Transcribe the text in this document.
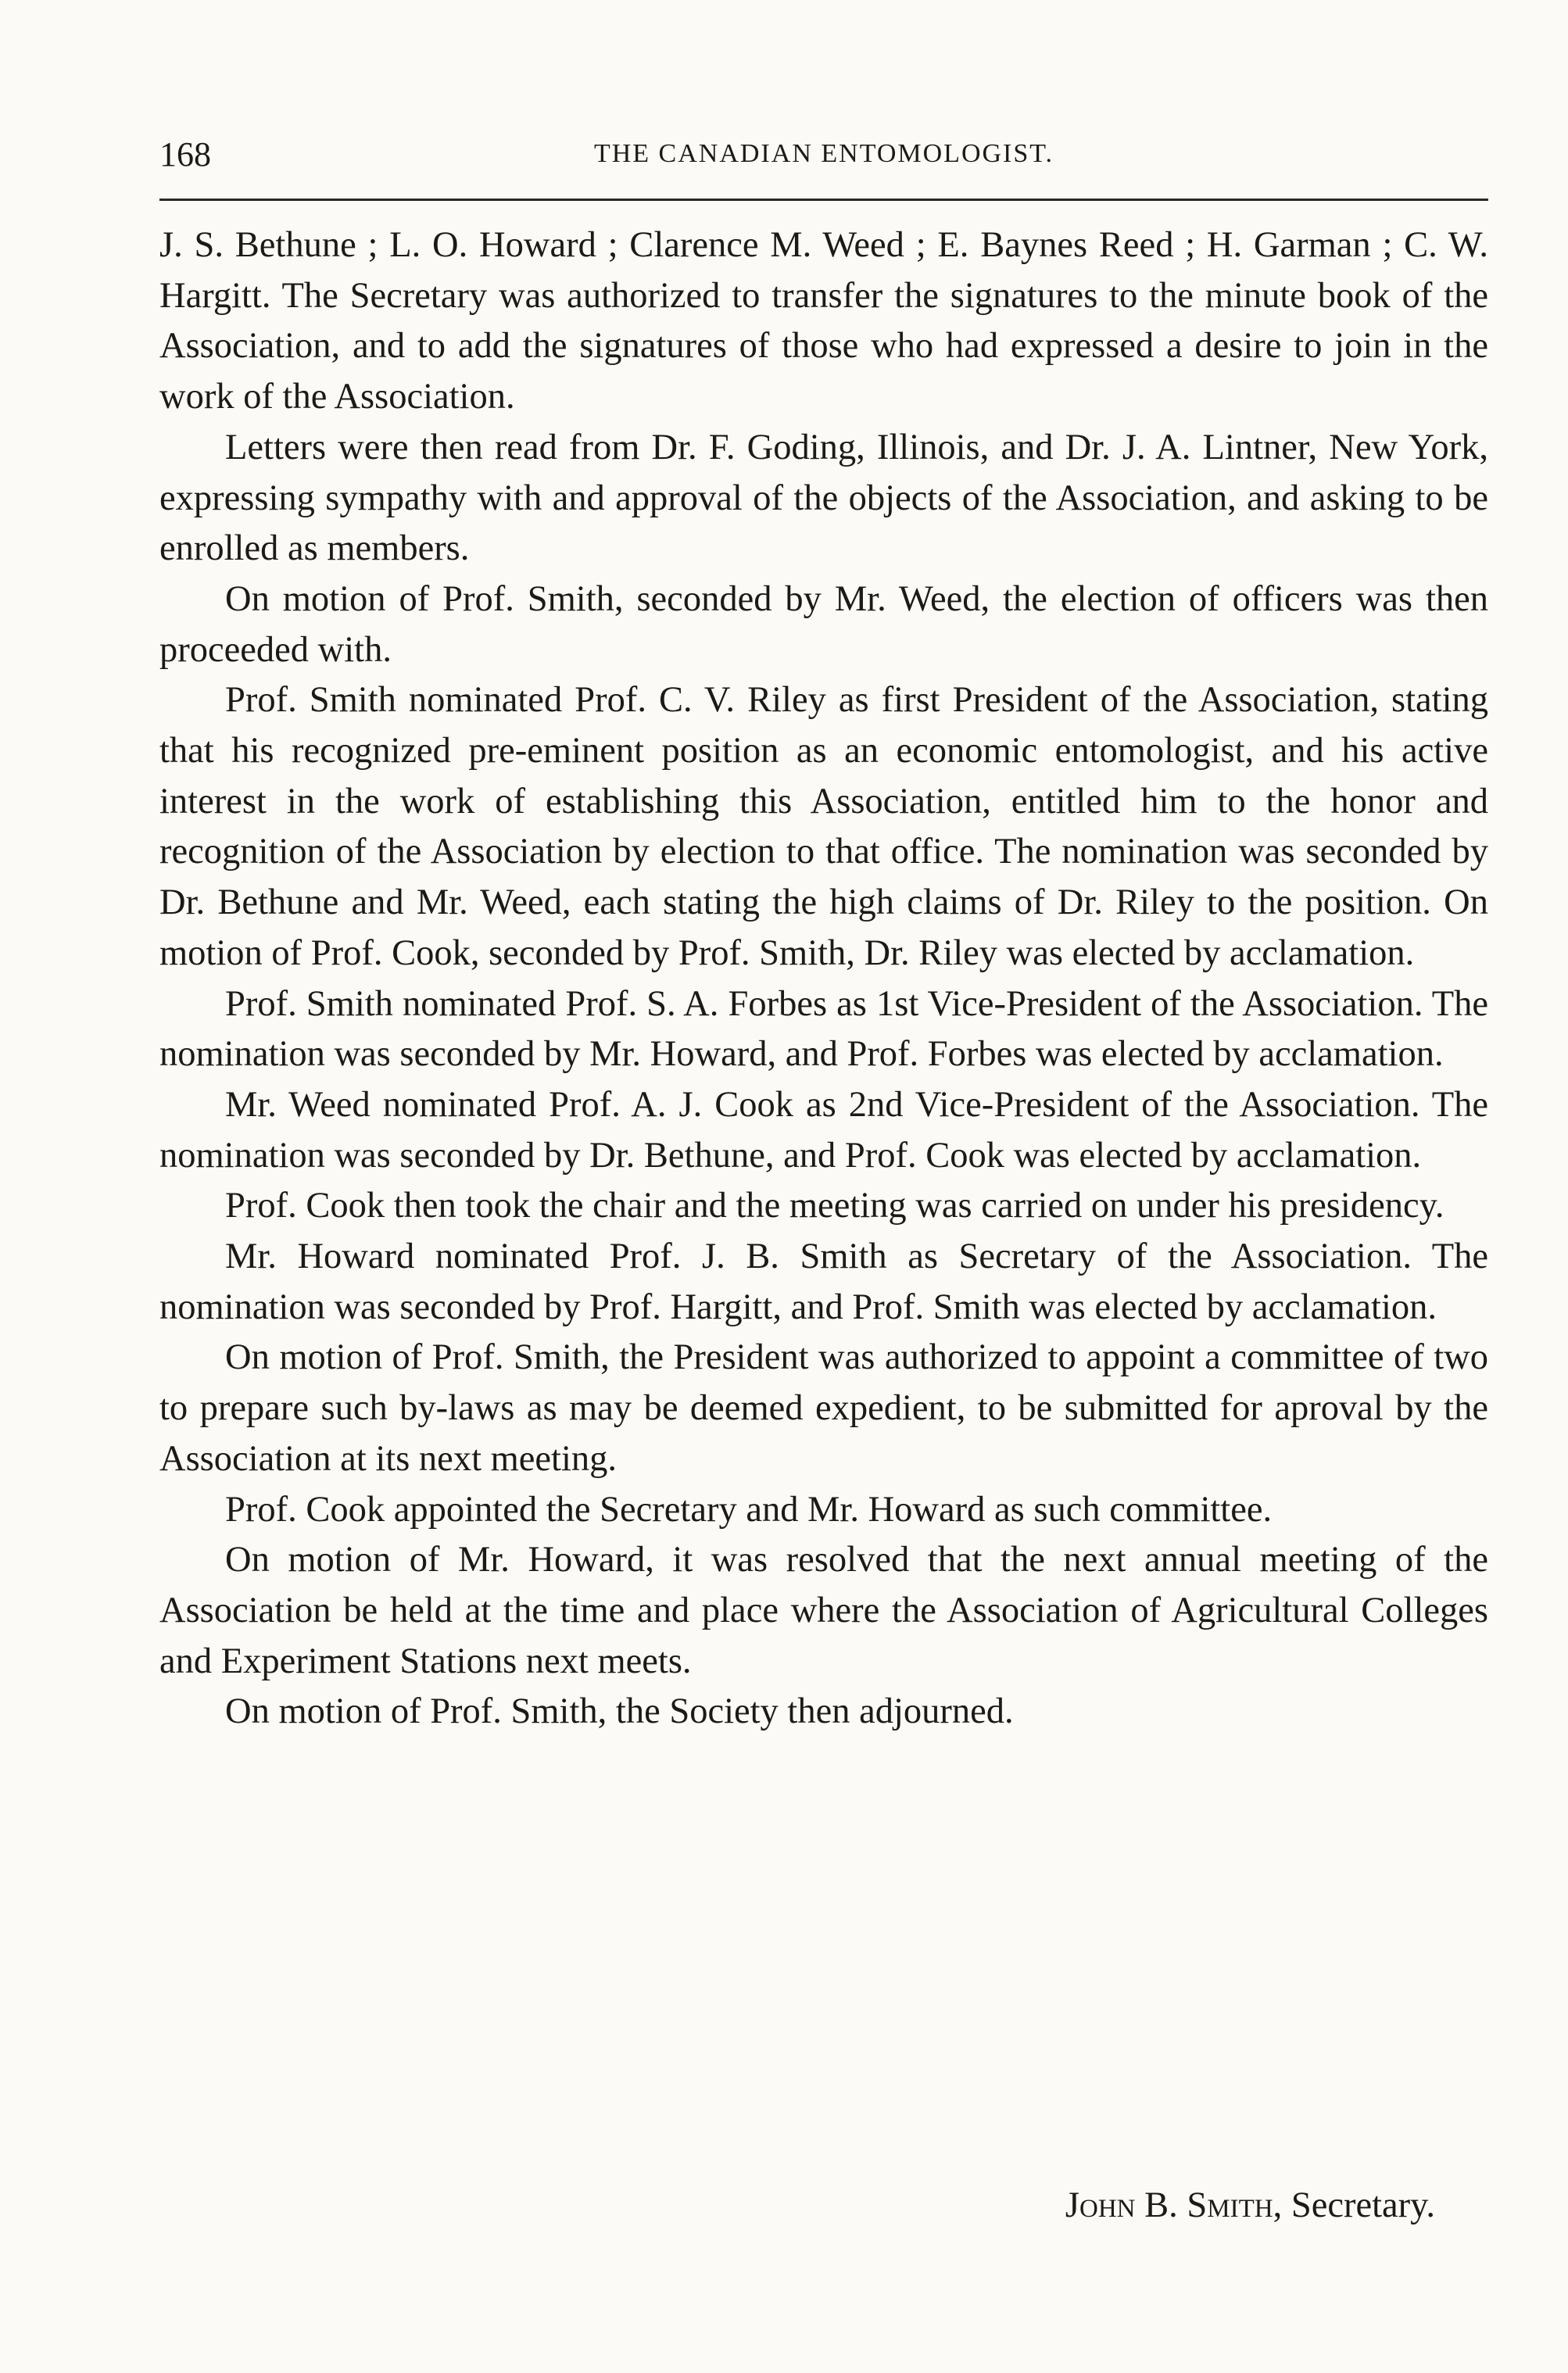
168	THE CANADIAN ENTOMOLOGIST.

J. S. Bethune ; L. O. Howard ; Clarence M. Weed ; E. Baynes Reed ; H. Garman ; C. W. Hargitt. The Secretary was authorized to transfer the signatures to the minute book of the Association, and to add the signatures of those who had expressed a desire to join in the work of the Association.

Letters were then read from Dr. F. Goding, Illinois, and Dr. J. A. Lintner, New York, expressing sympathy with and approval of the objects of the Association, and asking to be enrolled as members.

On motion of Prof. Smith, seconded by Mr. Weed, the election of officers was then proceeded with.

Prof. Smith nominated Prof. C. V. Riley as first President of the Association, stating that his recognized pre-eminent position as an economic entomologist, and his active interest in the work of establishing this Association, entitled him to the honor and recognition of the Association by election to that office. The nomination was seconded by Dr. Bethune and Mr. Weed, each stating the high claims of Dr. Riley to the position. On motion of Prof. Cook, seconded by Prof. Smith, Dr. Riley was elected by acclamation.

Prof. Smith nominated Prof. S. A. Forbes as 1st Vice-President of the Association. The nomination was seconded by Mr. Howard, and Prof. Forbes was elected by acclamation.

Mr. Weed nominated Prof. A. J. Cook as 2nd Vice-President of the Association. The nomination was seconded by Dr. Bethune, and Prof. Cook was elected by acclamation.

Prof. Cook then took the chair and the meeting was carried on under his presidency.

Mr. Howard nominated Prof. J. B. Smith as Secretary of the Association. The nomination was seconded by Prof. Hargitt, and Prof. Smith was elected by acclamation.

On motion of Prof. Smith, the President was authorized to appoint a committee of two to prepare such by-laws as may be deemed expedient, to be submitted for aproval by the Association at its next meeting.

Prof. Cook appointed the Secretary and Mr. Howard as such committee.

On motion of Mr. Howard, it was resolved that the next annual meeting of the Association be held at the time and place where the Association of Agricultural Colleges and Experiment Stations next meets.

On motion of Prof. Smith, the Society then adjourned.

John B. Smith, Secretary.
